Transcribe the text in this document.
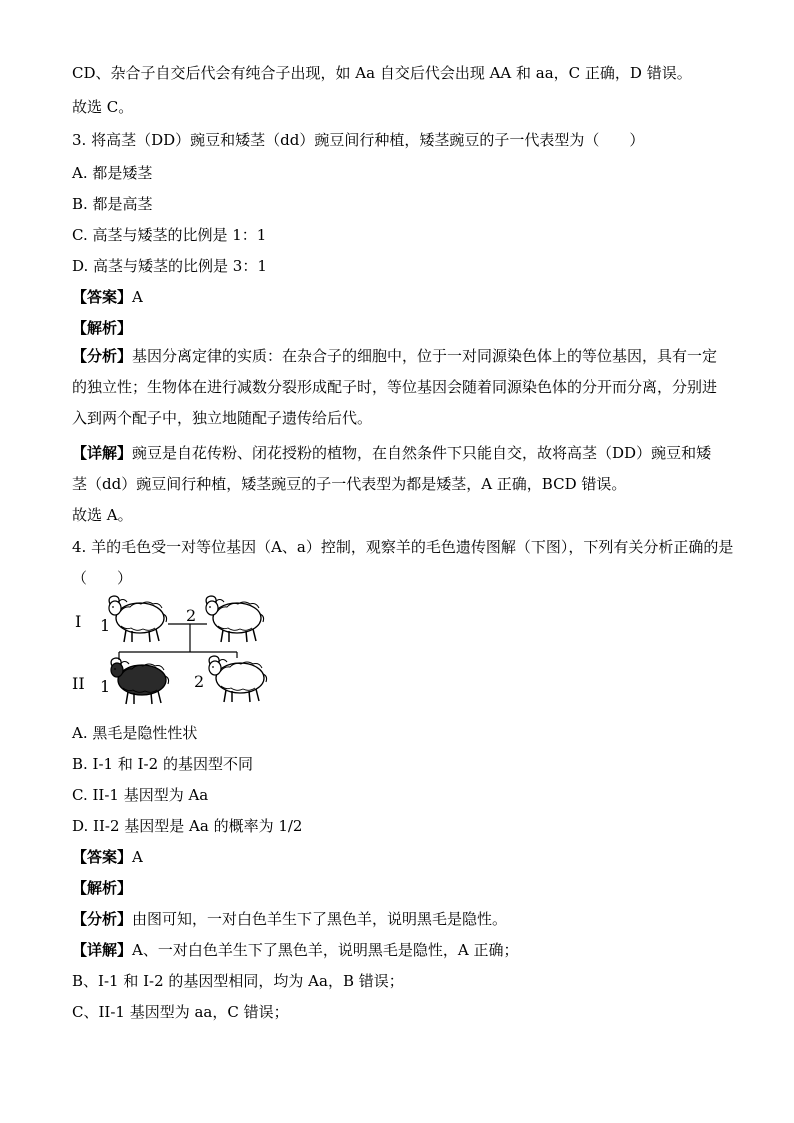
CD、杂合子自交后代会有纯合子出现，如 Aa 自交后代会出现 AA 和 aa，C 正确，D 错误。
故选 C。
3. 将高茎（DD）豌豆和矮茎（dd）豌豆间行种植，矮茎豌豆的子一代表型为（　　）
A. 都是矮茎
B. 都是高茎
C. 高茎与矮茎的比例是 1：1
D. 高茎与矮茎的比例是 3：1
【答案】A
【解析】
【分析】基因分离定律的实质：在杂合子的细胞中，位于一对同源染色体上的等位基因，具有一定的独立性；生物体在进行减数分裂形成配子时，等位基因会随着同源染色体的分开而分离，分别进入到两个配子中，独立地随配子遗传给后代。
【详解】豌豆是自花传粉、闭花授粉的植物，在自然条件下只能自交，故将高茎（DD）豌豆和矮茎（dd）豌豆间行种植，矮茎豌豆的子一代表型为都是矮茎，A 正确，BCD 错误。
故选 A。
4. 羊的毛色受一对等位基因（A、a）控制，观察羊的毛色遗传图解（下图），下列有关分析正确的是
（　　）
I
II
1
2
1	2
A. 黑毛是隐性性状
B. I-1 和 I-2 的基因型不同
C. II-1 基因型为 Aa
D. II-2 基因型是 Aa 的概率为 1/2
【答案】A
【解析】
【分析】由图可知，一对白色羊生下了黑色羊，说明黑毛是隐性。
【详解】A、一对白色羊生下了黑色羊，说明黑毛是隐性，A 正确；
B、I-1 和 I-2 的基因型相同，均为 Aa，B 错误；
C、II-1 基因型为 aa，C 错误；
